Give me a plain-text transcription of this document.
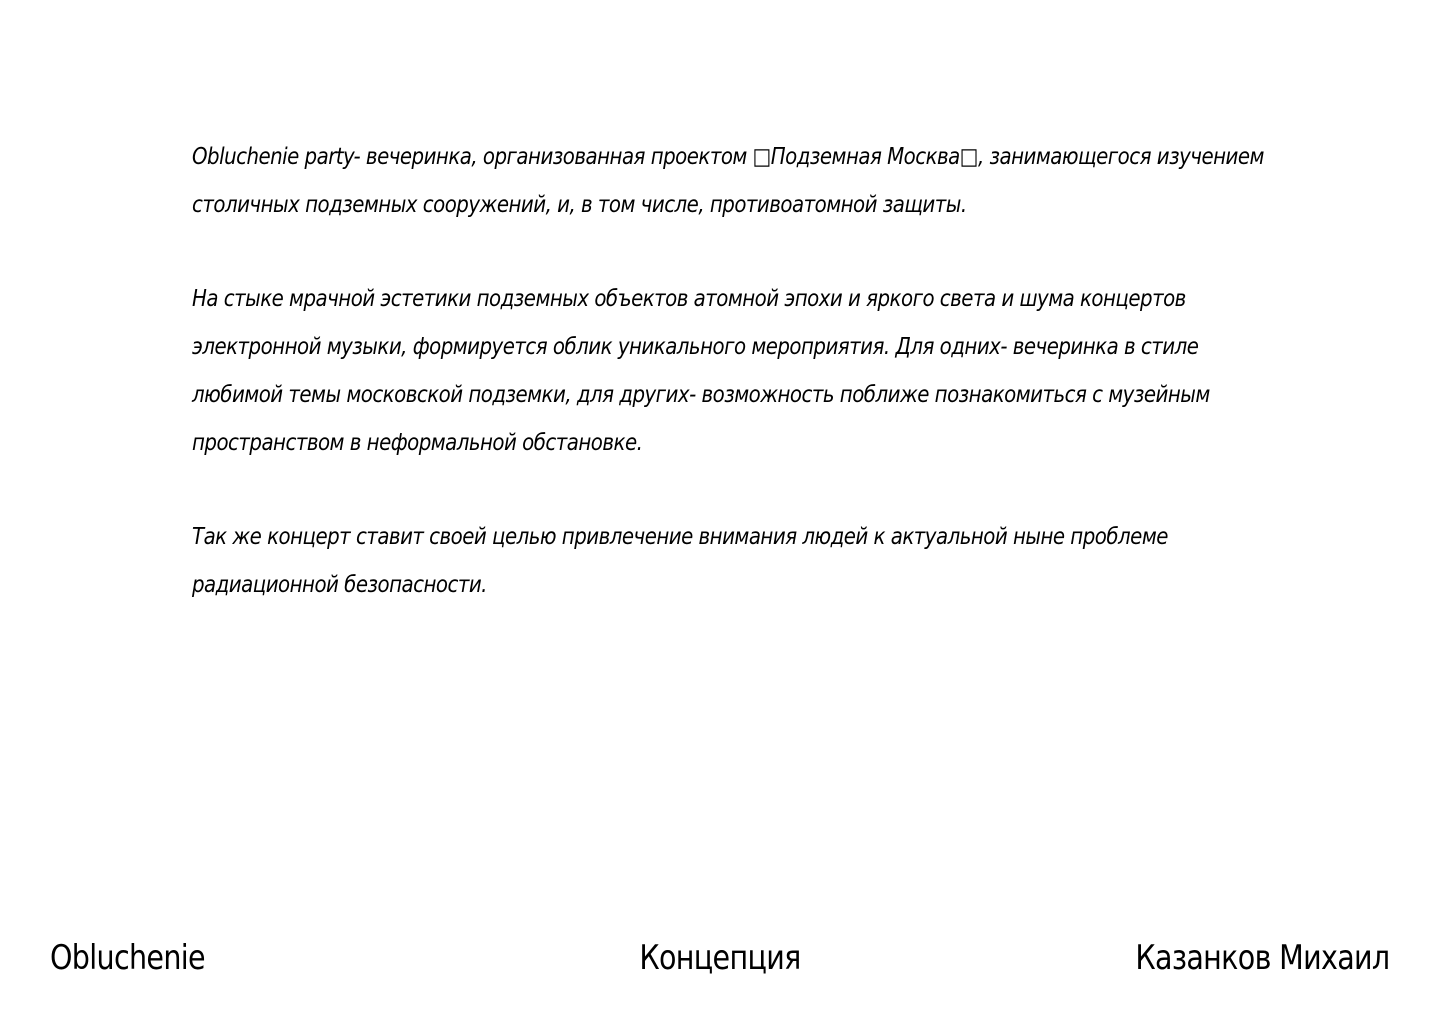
Obluchenie party- вечеринка, организованная проектом □Подземная Москва□, занимающегося изучением столичных подземных сооружений, и, в том числе, противоатомной защиты.

На стыке мрачной эстетики подземных объектов атомной эпохи и яркого света и шума концертов электронной музыки, формируется облик уникального мероприятия. Для одних- вечеринка в стиле любимой темы московской подземки, для других- возможность поближе познакомиться с музейным пространством в неформальной обстановке.

Так же концерт ставит своей целью привлечение внимания людей к актуальной ныне проблеме радиационной безопасности.

Obluchenie	Концепция	Казанков Михаил
